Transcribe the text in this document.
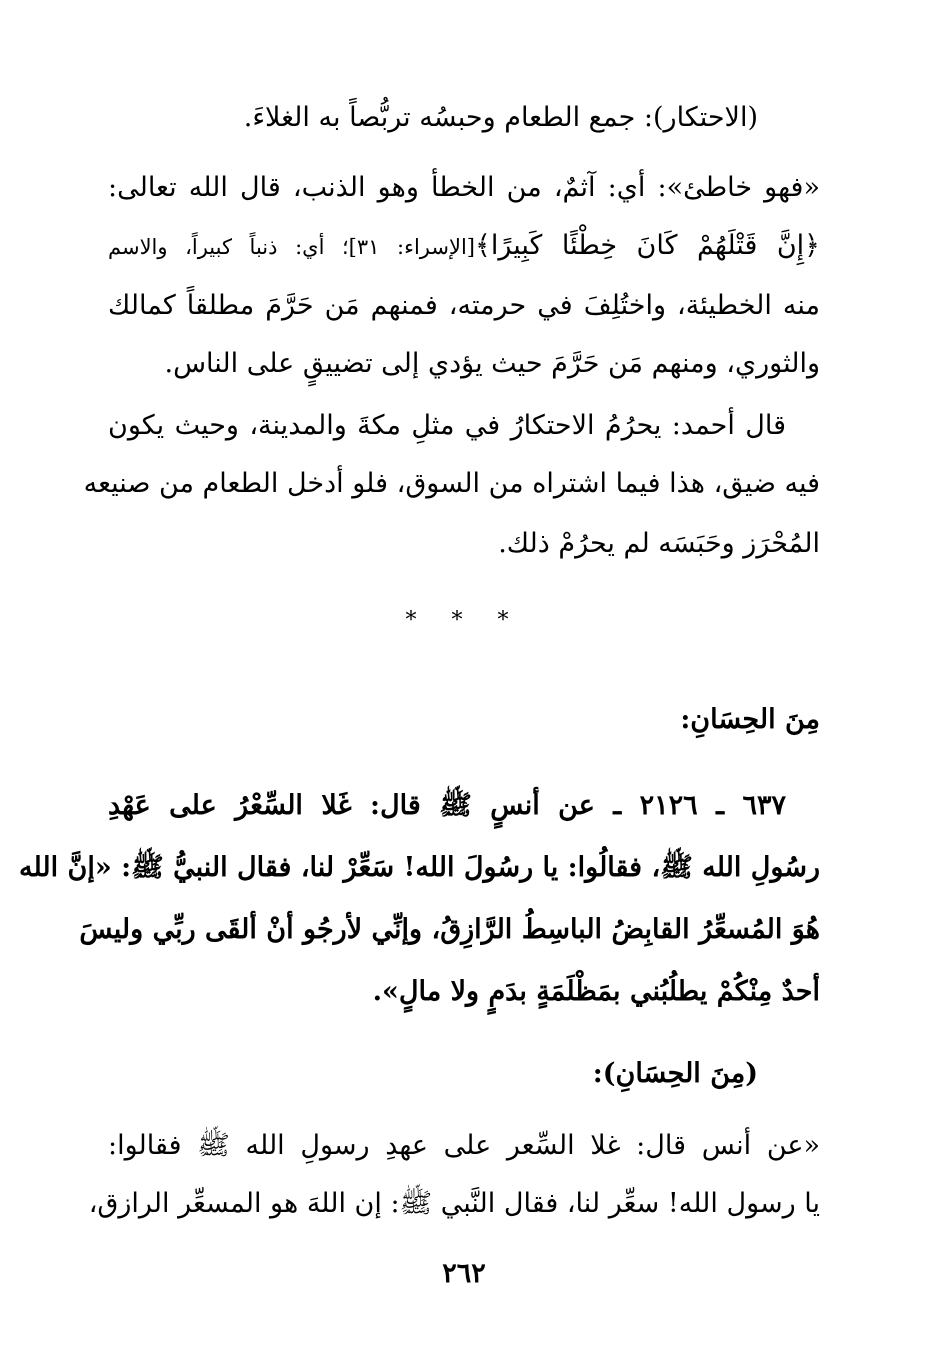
(الاحتكار): جمع الطعام وحبسُه تربُّصاً به الغلاءَ.
«فهو خاطئ»: أي: آثمٌ، من الخطأ وهو الذنب، قال الله تعالى:
﴿إِنَّ قَتْلَهُمْ كَانَ خِطْئًا كَبِيرًا﴾[الإسراء: ٣١]؛ أي: ذنباً كبيراً، والاسم
منه الخطيئة، واختُلِفَ في حرمته، فمنهم مَن حَرَّمَ مطلقاً كمالك
والثوري، ومنهم مَن حَرَّمَ حيث يؤدي إلى تضييقٍ على الناس.
قال أحمد: يحرُمُ الاحتكارُ في مثلِ مكةَ والمدينة، وحيث يكون
فيه ضيق، هذا فيما اشتراه من السوق، فلو أدخل الطعام من صنيعه
المُحْرَز وحَبَسَه لم يحرُمْ ذلك.
* * *
مِنَ الحِسَانِ:
٦٣٧ ـ ٢١٢٦ ـ عن أنسٍ ﷺ قال: غَلا السِّعْرُ على عَهْدِ
رسُولِ الله ﷺ، فقالُوا: يا رسُولَ الله! سَعِّرْ لنا، فقال النبيُّ ﷺ: «إنَّ الله
هُوَ المُسعِّرُ القابِضُ الباسِطُ الرَّازِقُ، وإنِّي لأرجُو أنْ ألقَى ربِّي وليسَ
أحدٌ مِنْكُمْ يطلُبُني بمَظْلَمَةٍ بدَمٍ ولا مالٍ».
(مِنَ الحِسَانِ):
«عن أنس قال: غلا السِّعر على عهدِ رسولِ الله ﷺ فقالوا:
يا رسول الله! سعِّر لنا، فقال النَّبي ﷺ: إن اللهَ هو المسعِّر الرازق،
٢٦٢
